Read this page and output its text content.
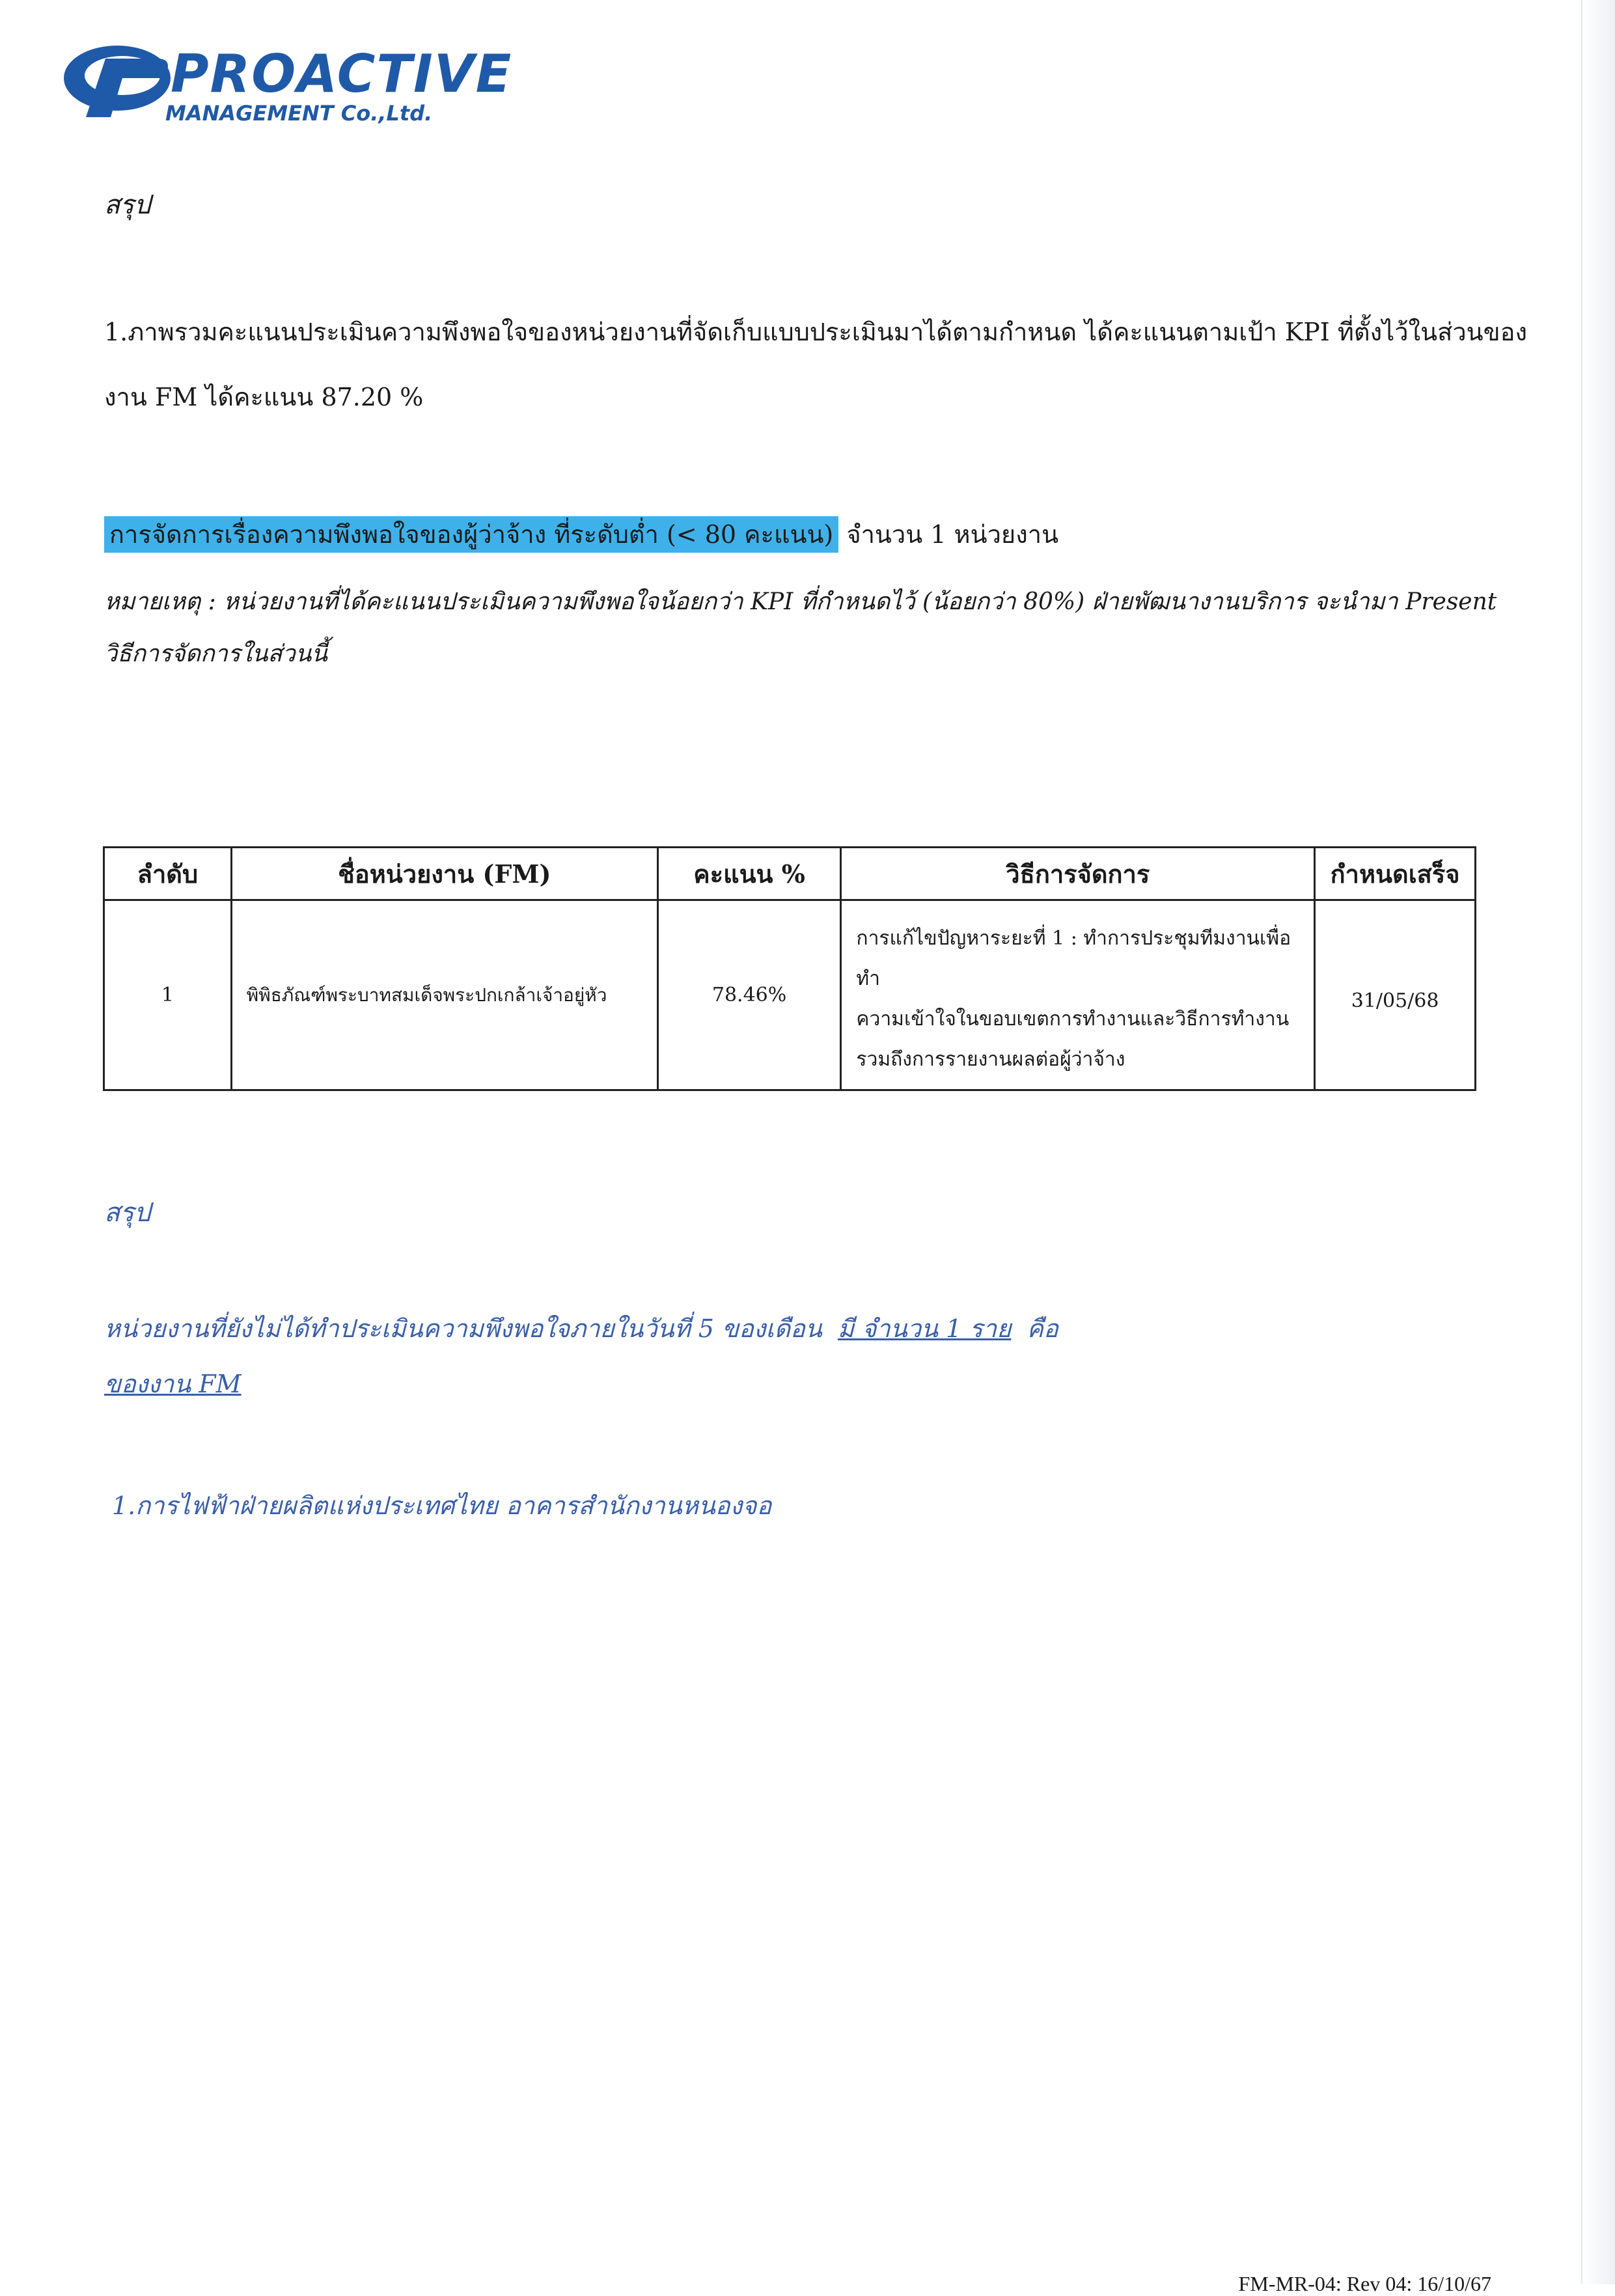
PROACTIVE
MANAGEMENT Co.,Ltd.
สรุป
1.ภาพรวมคะแนนประเมินความพึงพอใจของหน่วยงานที่จัดเก็บแบบประเมินมาได้ตามกำหนด ได้คะแนนตามเป้า KPI ที่ตั้งไว้ในส่วนของ
งาน FM ได้คะแนน 87.20 %
การจัดการเรื่องความพึงพอใจของผู้ว่าจ้าง ที่ระดับต่ำ (< 80 คะแนน) จำนวน 1 หน่วยงาน
หมายเหตุ : หน่วยงานที่ได้คะแนนประเมินความพึงพอใจน้อยกว่า KPI ที่กำหนดไว้ (น้อยกว่า 80%) ฝ่ายพัฒนางานบริการ จะนำมา Present
วิธีการจัดการในส่วนนี้
ลำดับ	ชื่อหน่วยงาน (FM)	คะแนน %	วิธีการจัดการ	กำหนดเสร็จ
1	พิพิธภัณฑ์พระบาทสมเด็จพระปกเกล้าเจ้าอยู่หัว	78.46%	การแก้ไขปัญหาระยะที่ 1 : ทำการประชุมทีมงานเพื่อทำ
ความเข้าใจในขอบเขตการทำงานและวิธีการทำงาน
รวมถึงการรายงานผลต่อผู้ว่าจ้าง	31/05/68
สรุป
หน่วยงานที่ยังไม่ได้ทำประเมินความพึงพอใจภายในวันที่ 5 ของเดือน มี จำนวน 1 ราย คือ
ของงาน FM
1.การไฟฟ้าฝ่ายผลิตแห่งประเทศไทย อาคารสำนักงานหนองจอ
FM-MR-04: Rev 04: 16/10/67
